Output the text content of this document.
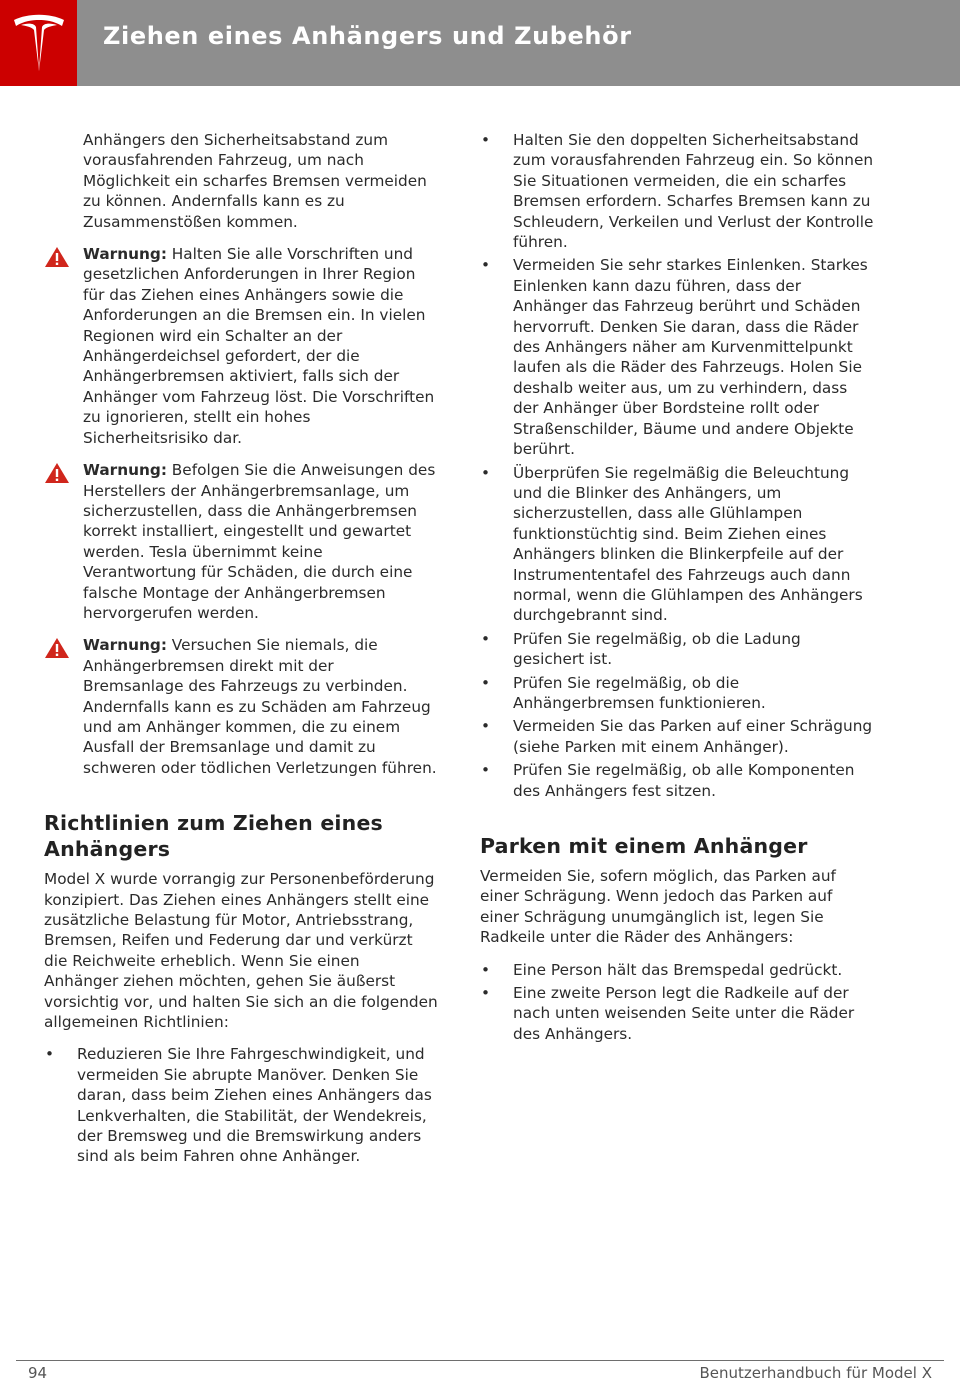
Ziehen eines Anhängers und Zubehör

Anhängers den Sicherheitsabstand zum vorausfahrenden Fahrzeug, um nach Möglichkeit ein scharfes Bremsen vermeiden zu können. Andernfalls kann es zu Zusammenstößen kommen.

Warnung: Halten Sie alle Vorschriften und gesetzlichen Anforderungen in Ihrer Region für das Ziehen eines Anhängers sowie die Anforderungen an die Bremsen ein. In vielen Regionen wird ein Schalter an der Anhängerdeichsel gefordert, der die Anhängerbremsen aktiviert, falls sich der Anhänger vom Fahrzeug löst. Die Vorschriften zu ignorieren, stellt ein hohes Sicherheitsrisiko dar.
Warnung: Befolgen Sie die Anweisungen des Herstellers der Anhängerbremsanlage, um sicherzustellen, dass die Anhängerbremsen korrekt installiert, eingestellt und gewartet werden. Tesla übernimmt keine Verantwortung für Schäden, die durch eine falsche Montage der Anhängerbremsen hervorgerufen werden.
Warnung: Versuchen Sie niemals, die Anhängerbremsen direkt mit der Bremsanlage des Fahrzeugs zu verbinden. Andernfalls kann es zu Schäden am Fahrzeug und am Anhänger kommen, die zu einem Ausfall der Bremsanlage und damit zu schweren oder tödlichen Verletzungen führen.
Richtlinien zum Ziehen eines Anhängers

Model X wurde vorrangig zur Personenbeförderung konzipiert. Das Ziehen eines Anhängers stellt eine zusätzliche Belastung für Motor, Antriebsstrang, Bremsen, Reifen und Federung dar und verkürzt die Reichweite erheblich. Wenn Sie einen Anhänger ziehen möchten, gehen Sie äußerst vorsichtig vor, und halten Sie sich an die folgenden allgemeinen Richtlinien:

• Reduzieren Sie Ihre Fahrgeschwindigkeit, und vermeiden Sie abrupte Manöver. Denken Sie daran, dass beim Ziehen eines Anhängers das Lenkverhalten, die Stabilität, der Wendekreis, der Bremsweg und die Bremswirkung anders sind als beim Fahren ohne Anhänger.
• Halten Sie den doppelten Sicherheitsabstand zum vorausfahrenden Fahrzeug ein. So können Sie Situationen vermeiden, die ein scharfes Bremsen erfordern. Scharfes Bremsen kann zu Schleudern, Verkeilen und Verlust der Kontrolle führen.
• Vermeiden Sie sehr starkes Einlenken. Starkes Einlenken kann dazu führen, dass der Anhänger das Fahrzeug berührt und Schäden hervorruft. Denken Sie daran, dass die Räder des Anhängers näher am Kurvenmittelpunkt laufen als die Räder des Fahrzeugs. Holen Sie deshalb weiter aus, um zu verhindern, dass der Anhänger über Bordsteine rollt oder Straßenschilder, Bäume und andere Objekte berührt.
• Überprüfen Sie regelmäßig die Beleuchtung und die Blinker des Anhängers, um sicherzustellen, dass alle Glühlampen funktionstüchtig sind. Beim Ziehen eines Anhängers blinken die Blinkerpfeile auf der Instrumententafel des Fahrzeugs auch dann normal, wenn die Glühlampen des Anhängers durchgebrannt sind.
• Prüfen Sie regelmäßig, ob die Ladung gesichert ist.
• Prüfen Sie regelmäßig, ob die Anhängerbremsen funktionieren.
• Vermeiden Sie das Parken auf einer Schrägung (siehe Parken mit einem Anhänger).
• Prüfen Sie regelmäßig, ob alle Komponenten des Anhängers fest sitzen.
Parken mit einem Anhänger

Vermeiden Sie, sofern möglich, das Parken auf einer Schrägung. Wenn jedoch das Parken auf einer Schrägung unumgänglich ist, legen Sie Radkeile unter die Räder des Anhängers:

• Eine Person hält das Bremspedal gedrückt.
• Eine zweite Person legt die Radkeile auf der nach unten weisenden Seite unter die Räder des Anhängers.
94	Benutzerhandbuch für Model X
